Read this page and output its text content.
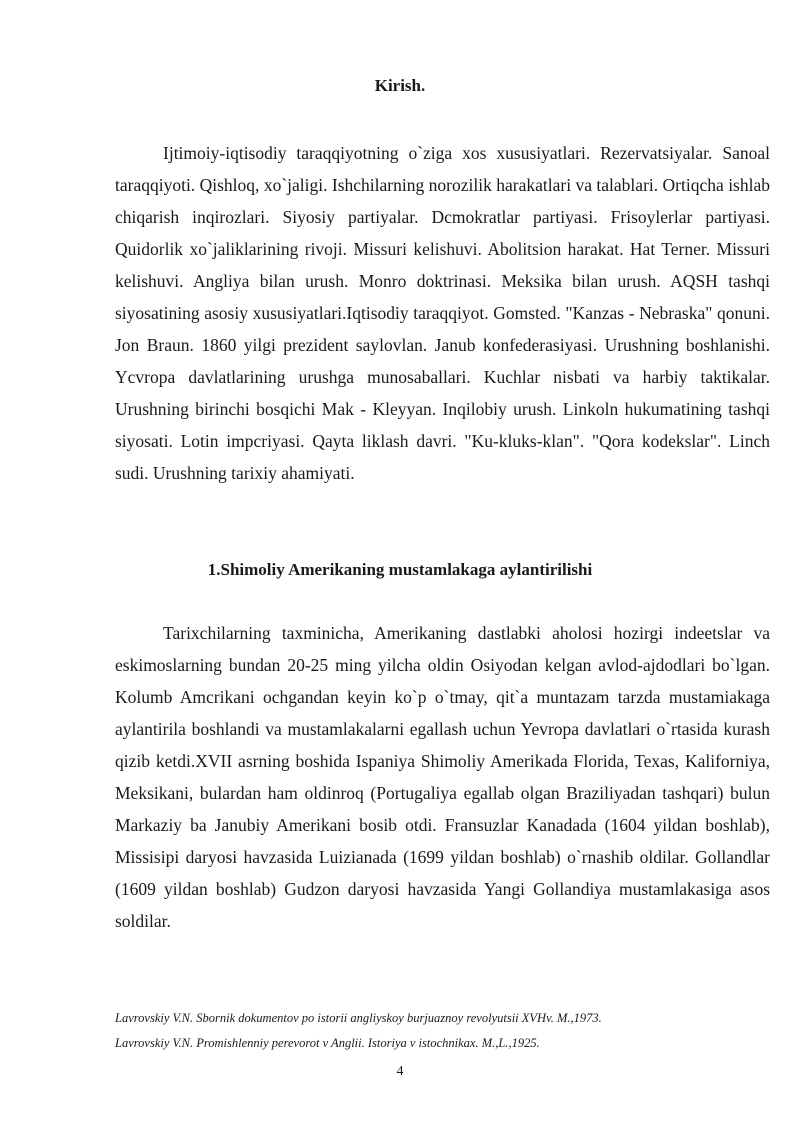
Kirish.

Ijtimoiy-iqtisodiy taraqqiyotning o`ziga xos xususiyatlari. Rezervatsiyalar. Sanoal taraqqiyoti. Qishloq, xo`jaligi. Ishchilarning norozilik harakatlari va talablari. Ortiqcha ishlab chiqarish inqirozlari. Siyosiy partiyalar. Dcmokratlar partiyasi. Frisoylerlar partiyasi. Quidorlik xo`jaliklarining rivoji. Missuri kelishuvi. Abolitsion harakat. Hat Terner. Missuri kelishuvi. Angliya bilan urush. Monro doktrinasi. Meksika bilan urush. AQSH tashqi siyosatining asosiy xususiyatlari.Iqtisodiy taraqqiyot. Gomsted. "Kanzas - Nebraska" qonuni. Jon Braun. 1860 yilgi prezident saylovlan. Janub konfederasiyasi. Urushning boshlanishi. Ycvropa davlatlarining urushga munosaballari. Kuchlar nisbati va harbiy taktikalar. Urushning birinchi bosqichi Mak - Kleyyan. Inqilobiy urush. Linkoln hukumatining tashqi siyosati. Lotin impcriyasi. Qayta liklash davri. "Ku-kluks-klan". "Qora kodekslar". Linch sudi. Urushning tarixiy ahamiyati.

1.Shimoliy Amerikaning mustamlakaga aylantirilishi

Tarixchilarning taxminicha, Amerikaning dastlabki aholosi hozirgi indeetslar va eskimoslarning bundan 20-25 ming yilcha oldin Osiyodan kelgan avlod-ajdodlari bo`lgan. Kolumb Amcrikani ochgandan keyin ko`p o`tmay, qit`a muntazam tarzda mustamiakaga aylantirila boshlandi va mustamlakalarni egallash uchun Yevropa davlatlari o`rtasida kurash qizib ketdi.XVII asrning boshida Ispaniya Shimoliy Amerikada Florida, Texas, Kaliforniya, Meksikani, bulardan ham oldinroq (Portugaliya egallab olgan Braziliyadan tashqari) bulun Markaziy ba Janubiy Amerikani bosib otdi. Fransuzlar Kanadada (1604 yildan boshlab), Missisipi daryosi havzasida Luizianada (1699 yildan boshlab) o`rnashib oldilar. Gollandlar (1609 yildan boshlab) Gudzon daryosi havzasida Yangi Gollandiya mustamlakasiga asos soldilar.

Lavrovskiy V.N. Sbornik dokumentov po istorii angliyskoy burjuaznoy revolyutsii XVHv. M.,1973.
Lavrovskiy V.N. Promishlenniy perevorot v Anglii. Istoriya v istochnikax. M.,L.,1925.
4
